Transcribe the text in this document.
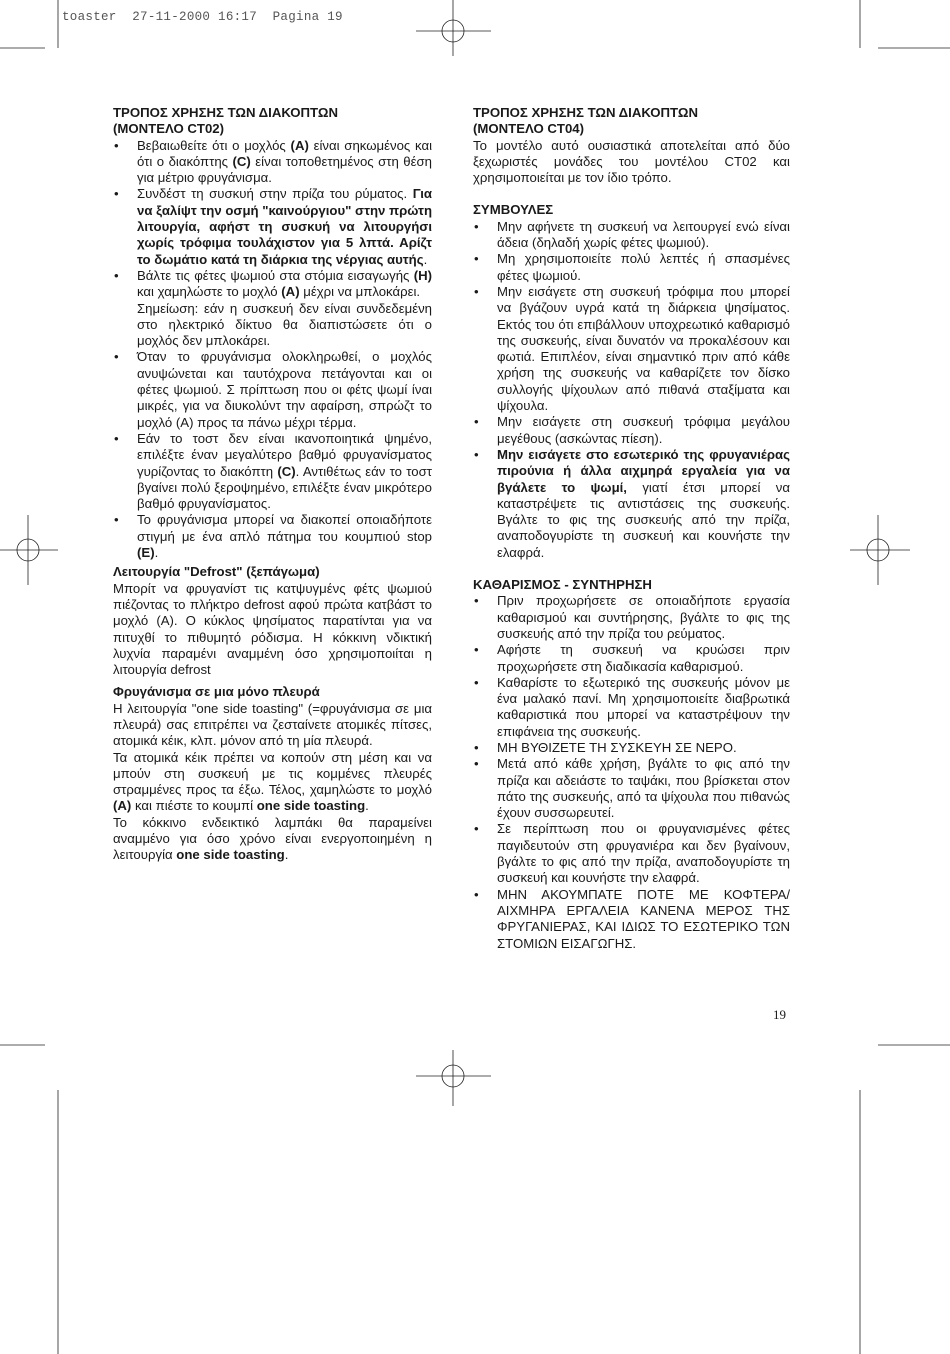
toaster  27-11-2000 16:17  Pagina 19
ΤΡΟΠΟΣ ΧΡΗΣΗΣ ΤΩΝ ΔΙΑΚΟΠΤΩΝ
(ΜΟΝΤΕΛΟ CT02)
• Βεβαιωθείτε ότι ο μοχλός (A) είναι σηκωμένος και ότι ο διακόπτης (C) είναι τοποθετημένος στη θέση για μέτριο φρυγάνισμα.
• Συνδέστ τη συσκυή στην πρίζα του ρύματος. Για να ξαλίψτ την οσμή "καινούργιου" στην πρώτη λιτουργία, αφήστ τη συσκυή να λιτουργήσι χωρίς τρόφιμα τουλάχιστον για 5 λπτά. Αρίζτ το δωμάτιο κατά τη διάρκια της νέργιας αυτής.
• Βάλτε τις φέτες ψωμιού στα στόμια εισαγωγής (H) και χαμηλώστε το μοχλό (A) μέχρι να μπλοκάρει.
Σημείωση: εάν η συσκευή δεν είναι συνδεδεμένη στο ηλεκτρικό δίκτυο θα διαπιστώσετε ότι ο μοχλός δεν μπλοκάρει.
• Όταν το φρυγάνισμα ολοκληρωθεί, ο μοχλός ανυψώνεται και ταυτόχρονα πετάγονται και οι φέτες ψωμιού. Σ πρίπτωση που οι φέτς ψωμί ίναι μικρές, για να διυκολύντ την αφαίρση, σπρώζτ το μοχλό (A) προς τα πάνω μέχρι τέρμα.
• Εάν το τοστ δεν είναι ικανοποιητικά ψημένο, επιλέξτε έναν μεγαλύτερο βαθμό φρυγανίσματος γυρίζοντας το διακόπτη (C). Αντιθέτως εάν το τοστ βγαίνει πολύ ξεροψημένο, επιλέξτε έναν μικρότερο βαθμό φρυγανίσματος.
• Το φρυγάνισμα μπορεί να διακοπεί οποιαδήποτε στιγμή με ένα απλό πάτημα του κουμπιού stop (E).
Λειτουργία "Defrost" (ξεπάγωμα)

Μπορίτ να φρυγανίστ τις κατψυγμένς φέτς ψωμιού πιέζοντας το πλήκτρο defrost αφού πρώτα κατβάστ το μοχλό (A). Ο κύκλος ψησίματος παρατίνται για να πιτυχθί το πιθυμητό ρόδισμα. Η κόκκινη νδικτική λυχνία παραμένι αναμμένη όσο χρησιμοποιίται η λιτουργία defrost

Φρυγάνισμα σε μια μόνο πλευρά

Η λειτουργία "one side toasting" (=φρυγάνισμα σε μια πλευρά) σας επιτρέπει να ζεσταίνετε ατομικές πίτσες, ατομικά κέικ, κλπ. μόνον από τη μία πλευρά.

Τα ατομικά κέικ πρέπει να κοπούν στη μέση και να μπούν στη συσκευή με τις κομμένες πλευρές στραμμένες προς τα έξω. Τέλος, χαμηλώστε το μοχλό (A) και πιέστε το κουμπί one side toasting.

Το κόκκινο ενδεικτικό λαμπάκι θα παραμείνει αναμμένο για όσο χρόνο είναι ενεργοποιημένη η λειτουργία one side toasting.

ΤΡΟΠΟΣ ΧΡΗΣΗΣ ΤΩΝ ΔΙΑΚΟΠΤΩΝ
(ΜΟΝΤΕΛΟ CT04)

Το μοντέλο αυτό ουσιαστικά αποτελείται από δύο ξεχωριστές μονάδες του μοντέλου CT02 και χρησιμοποιείται με τον ίδιο τρόπο.

ΣΥΜΒΟΥΛΕΣ
• Μην αφήνετε τη συσκευή να λειτουργεί ενώ είναι άδεια (δηλαδή χωρίς φέτες ψωμιού).
• Μη χρησιμοποιείτε πολύ λεπτές ή σπασμένες φέτες ψωμιού.
• Μην εισάγετε στη συσκευή τρόφιμα που μπορεί να βγάζουν υγρά κατά τη διάρκεια ψησίματος. Εκτός του ότι επιβάλλουν υποχρεωτικό καθαρισμό της συσκευής, είναι δυνατόν να προκαλέσουν και φωτιά. Επιπλέον, είναι σημαντικό πριν από κάθε χρήση της συσκευής να καθαρίζετε τον δίσκο συλλογής ψίχουλων από πιθανά σταξίματα και ψίχουλα.
• Μην εισάγετε στη συσκευή τρόφιμα μεγάλου μεγέθους (ασκώντας πίεση).
• Μην εισάγετε στο εσωτερικό της φρυγανιέρας πιρούνια ή άλλα αιχμηρά εργαλεία για να βγάλετε το ψωμί, γιατί έτσι μπορεί να καταστρέψετε τις αντιστάσεις της συσκευής. Βγάλτε το φις της συσκευής από την πρίζα, αναποδογυρίστε τη συσκευή και κουνήστε την ελαφρά.
ΚΑΘΑΡΙΣΜΟΣ - ΣΥΝΤΗΡΗΣΗ
• Πριν προχωρήσετε σε οποιαδήποτε εργασία καθαρισμού και συντήρησης, βγάλτε το φις της συσκευής από την πρίζα του ρεύματος.
• Αφήστε τη συσκευή να κρυώσει πριν προχωρήσετε στη διαδικασία καθαρισμού.
• Καθαρίστε το εξωτερικό της συσκευής μόνον με ένα μαλακό πανί. Μη χρησιμοποιείτε διαβρωτικά καθαριστικά που μπορεί να καταστρέψουν την επιφάνεια της συσκευής.
• ΜΗ ΒΥΘΙΖΕΤΕ ΤΗ ΣΥΣΚΕΥΗ ΣΕ ΝΕΡΟ.
• Μετά από κάθε χρήση, βγάλτε το φις από την πρίζα και αδειάστε το ταψάκι, που βρίσκεται στον πάτο της συσκευής, από τα ψίχουλα που πιθανώς έχουν συσσωρευτεί.
• Σε περίπτωση που οι φρυγανισμένες φέτες παγιδευτούν στη φρυγανιέρα και δεν βγαίνουν, βγάλτε το φις από την πρίζα, αναποδογυρίστε τη συσκευή και κουνήστε την ελαφρά.
• ΜΗΝ ΑΚΟΥΜΠΑΤΕ ΠΟΤΕ ΜΕ ΚΟΦΤΕΡΑ/ ΑΙΧΜΗΡΑ ΕΡΓΑΛΕΙΑ ΚΑΝΕΝΑ ΜΕΡΟΣ ΤΗΣ ΦΡΥΓΑΝΙΕΡΑΣ, ΚΑΙ ΙΔΙΩΣ ΤΟ ΕΣΩΤΕΡΙΚΟ ΤΩΝ ΣΤΟΜΙΩΝ ΕΙΣΑΓΩΓΗΣ.
19
